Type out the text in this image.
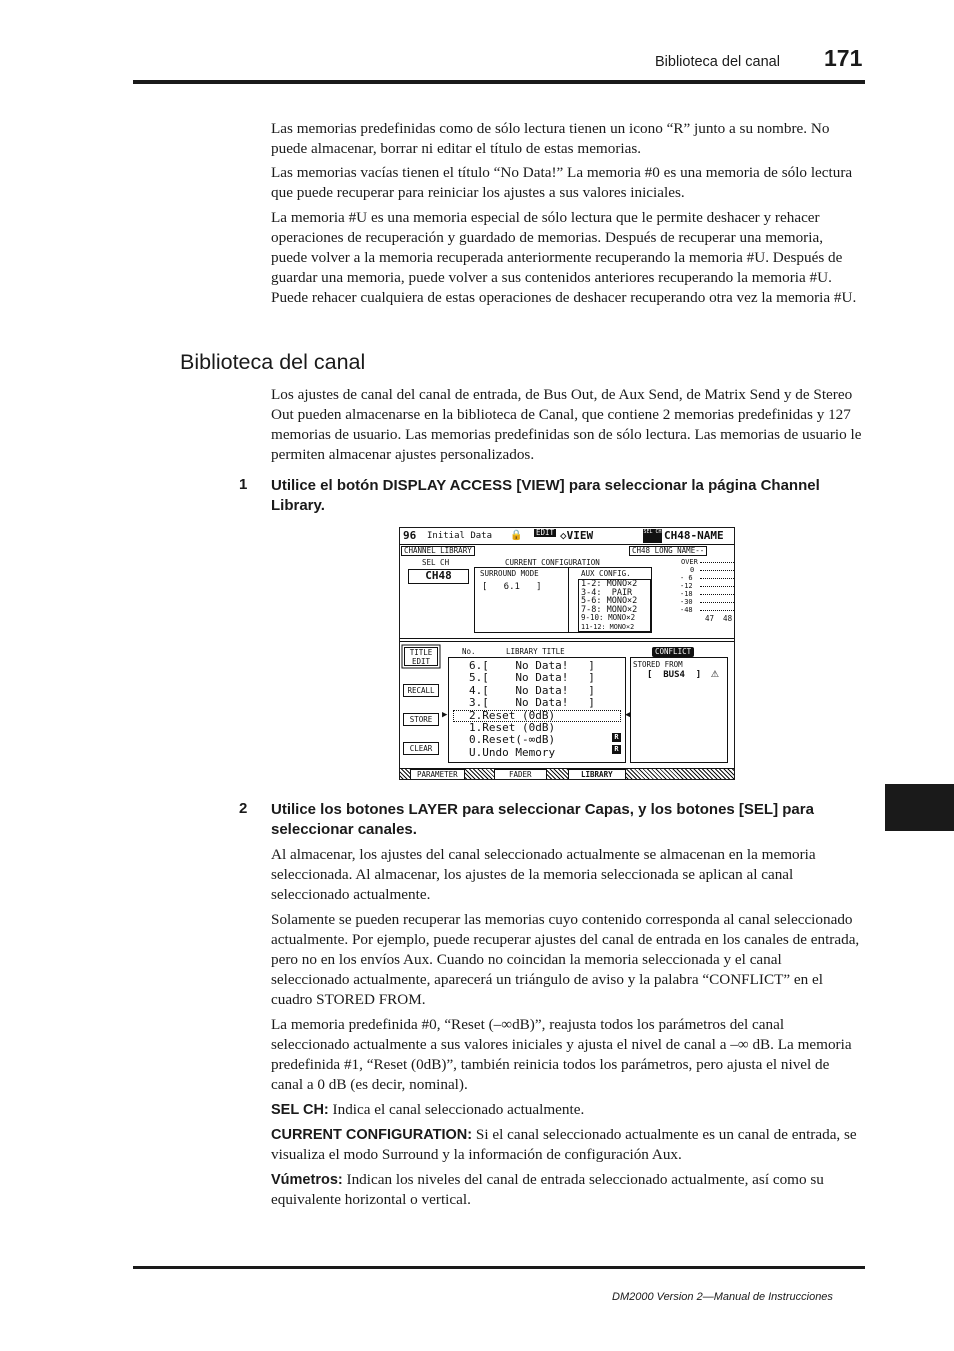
Biblioteca del canal 171

Las memorias predefinidas como de sólo lectura tienen un icono “R” junto a su nombre. No puede almacenar, borrar ni editar el título de estas memorias.

Las memorias vacías tienen el título “No Data!” La memoria #0 es una memoria de sólo lectura que puede recuperar para reiniciar los ajustes a sus valores iniciales.

La memoria #U es una memoria especial de sólo lectura que le permite deshacer y rehacer operaciones de recuperación y guardado de memorias. Después de recuperar una memoria, puede volver a la memoria recuperada anteriormente recuperando la memoria #U. Después de guardar una memoria, puede volver a sus contenidos anteriores recuperando la memoria #U. Puede rehacer cualquiera de estas operaciones de deshacer recuperando otra vez la memoria #U.

Biblioteca del canal

Los ajustes de canal del canal de entrada, de Bus Out, de Aux Send, de Matrix Send y de Stereo Out pueden almacenarse en la biblioteca de Canal, que contiene 2 memorias predefinidas y 127 memorias de usuario. Las memorias predefinidas son de sólo lectura. Las memorias de usuario le permiten almacenar ajustes personalizados.

1 Utilice el botón DISPLAY ACCESS [VIEW] para seleccionar la página Channel Library.

96 Initial Data 🔒 EDIT ◇VIEW	SEL CH CH48-NAME
CHANNEL LIBRARY	CH48 LONG NAME--
SEL CH
CH48
CURRENT CONFIGURATION
SURROUND MODE
[   6.1   ]
AUX CONFIG.
1-2: MONO×2
3-4:  PAIR
5-6: MONO×2
7-8: MONO×2
9-10: MONO×2
11-12: MONO×2
OVER
0
- 6
-12
-18
-30
-48
47  48
TITLE EDIT
RECALL
STORE
CLEAR
No.	LIBRARY TITLE
▶	◀
6.[    No Data!   ]
5.[    No Data!   ]
4.[    No Data!   ]
3.[    No Data!   ]
2.Reset (0dB)
1.Reset (0dB)
R
0.Reset(-∞dB)
R
U.Undo Memory
CONFLICT
STORED FROM
[  BUS4  ] ⚠
PARAMETER	FADER	LIBRARY
2 Utilice los botones LAYER para seleccionar Capas, y los botones [SEL] para seleccionar canales.

Al almacenar, los ajustes del canal seleccionado actualmente se almacenan en la memoria seleccionada. Al almacenar, los ajustes de la memoria seleccionada se aplican al canal seleccionado actualmente.

Solamente se pueden recuperar las memorias cuyo contenido corresponda al canal seleccionado actualmente. Por ejemplo, puede recuperar ajustes del canal de entrada en los canales de entrada, pero no en los envíos Aux. Cuando no coincidan la memoria seleccionada y el canal seleccionado actualmente, aparecerá un triángulo de aviso y la palabra “CONFLICT” en el cuadro STORED FROM.

La memoria predefinida #0, “Reset (–∞dB)”, reajusta todos los parámetros del canal seleccionado actualmente a sus valores iniciales y ajusta el nivel de canal a –∞ dB. La memoria predefinida #1, “Reset (0dB)”, también reinicia todos los parámetros, pero ajusta el nivel de canal a 0 dB (es decir, nominal).

SEL CH: Indica el canal seleccionado actualmente.

CURRENT CONFIGURATION: Si el canal seleccionado actualmente es un canal de entrada, se visualiza el modo Surround y la información de configuración Aux.

Vúmetros: Indican los niveles del canal de entrada seleccionado actualmente, así como su equivalente horizontal o vertical.

DM2000 Version 2—Manual de Instrucciones
